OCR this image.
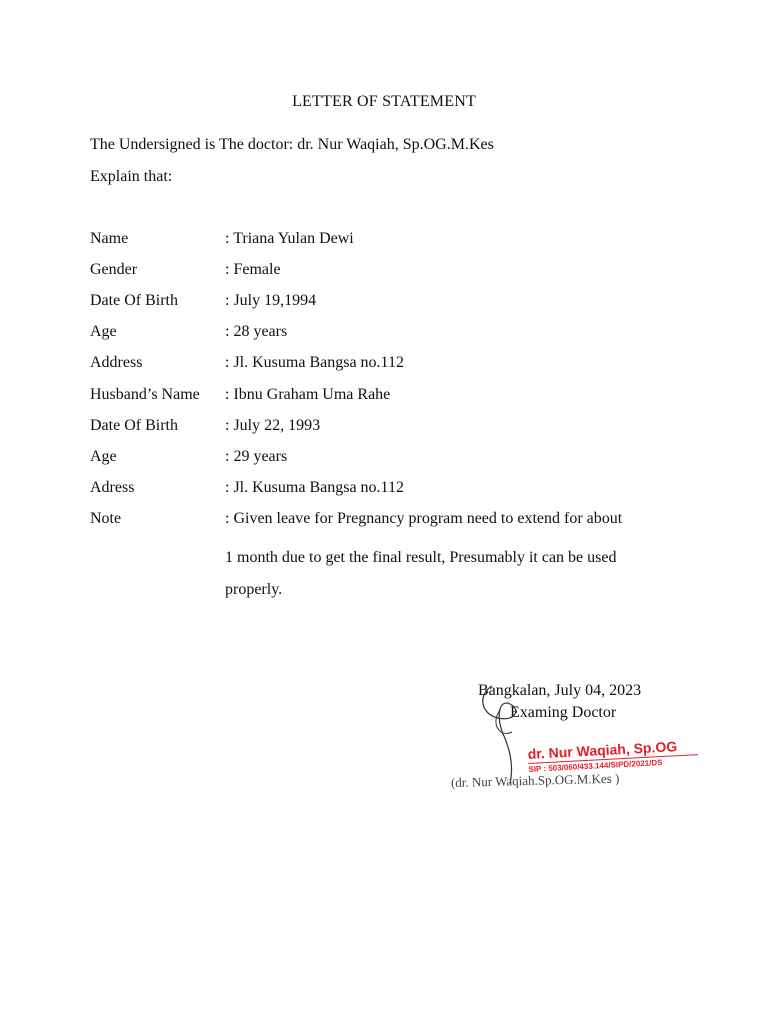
LETTER OF STATEMENT
The Undersigned is The doctor: dr. Nur Waqiah, Sp.OG.M.Kes
Explain that:
Name	: Triana Yulan Dewi
Gender	: Female
Date Of Birth	: July 19,1994
Age	: 28 years
Address	: Jl. Kusuma Bangsa no.112
Husband’s Name : Ibnu Graham Uma Rahe
Date Of Birth	: July 22, 1993
Age	: 29 years
Adress	: Jl. Kusuma Bangsa no.112
Note	: Given leave for Pregnancy program need to extend for about
1 month due to get the final result, Presumably it can be used properly.
Bangkalan, July 04, 2023
Examing Doctor
dr. Nur Waqiah, Sp.OG
SIP : 503/060/433.144/SIPD/2021/DS
(dr. Nur Waqiah.Sp.OG.M.Kes )
